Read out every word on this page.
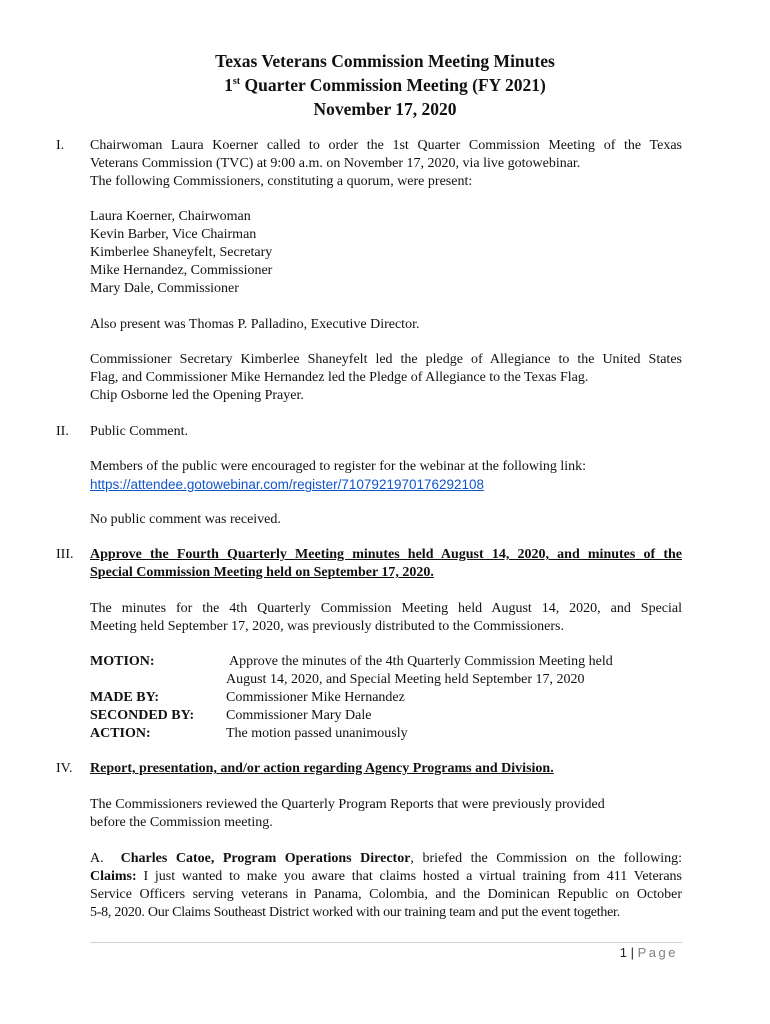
Texas Veterans Commission Meeting Minutes
1st Quarter Commission Meeting (FY 2021)
November 17, 2020
I. Chairwoman Laura Koerner called to order the 1st Quarter Commission Meeting of the Texas
Veterans Commission (TVC) at 9:00 a.m. on November 17, 2020, via live gotowebinar.
The following Commissioners, constituting a quorum, were present:
Laura Koerner, Chairwoman
Kevin Barber, Vice Chairman
Kimberlee Shaneyfelt, Secretary
Mike Hernandez, Commissioner
Mary Dale, Commissioner
Also present was Thomas P. Palladino, Executive Director.
Commissioner Secretary Kimberlee Shaneyfelt led the pledge of Allegiance to the United States
Flag, and Commissioner Mike Hernandez led the Pledge of Allegiance to the Texas Flag.
Chip Osborne led the Opening Prayer.
II. Public Comment.
Members of the public were encouraged to register for the webinar at the following link:
https://attendee.gotowebinar.com/register/7107921970176292108
No public comment was received.
III. Approve the Fourth Quarterly Meeting minutes held August 14, 2020, and minutes of the
Special Commission Meeting held on September 17, 2020.
The minutes for the 4th Quarterly Commission Meeting held August 14, 2020, and Special
Meeting held September 17, 2020, was previously distributed to the Commissioners.
MOTION:	Approve the minutes of the 4th Quarterly Commission Meeting held
August 14, 2020, and Special Meeting held September 17, 2020
MADE BY:	Commissioner Mike Hernandez
SECONDED BY: Commissioner Mary Dale
ACTION:	The motion passed unanimously
IV. Report, presentation, and/or action regarding Agency Programs and Division.
The Commissioners reviewed the Quarterly Program Reports that were previously provided
before the Commission meeting.
A.  Charles Catoe, Program Operations Director, briefed the Commission on the following:
Claims: I just wanted to make you aware that claims hosted a virtual training from 411 Veterans
Service Officers serving veterans in Panama, Colombia, and the Dominican Republic on October
5-8, 2020. Our Claims Southeast District worked with our training team and put the event together.
1 | Page
